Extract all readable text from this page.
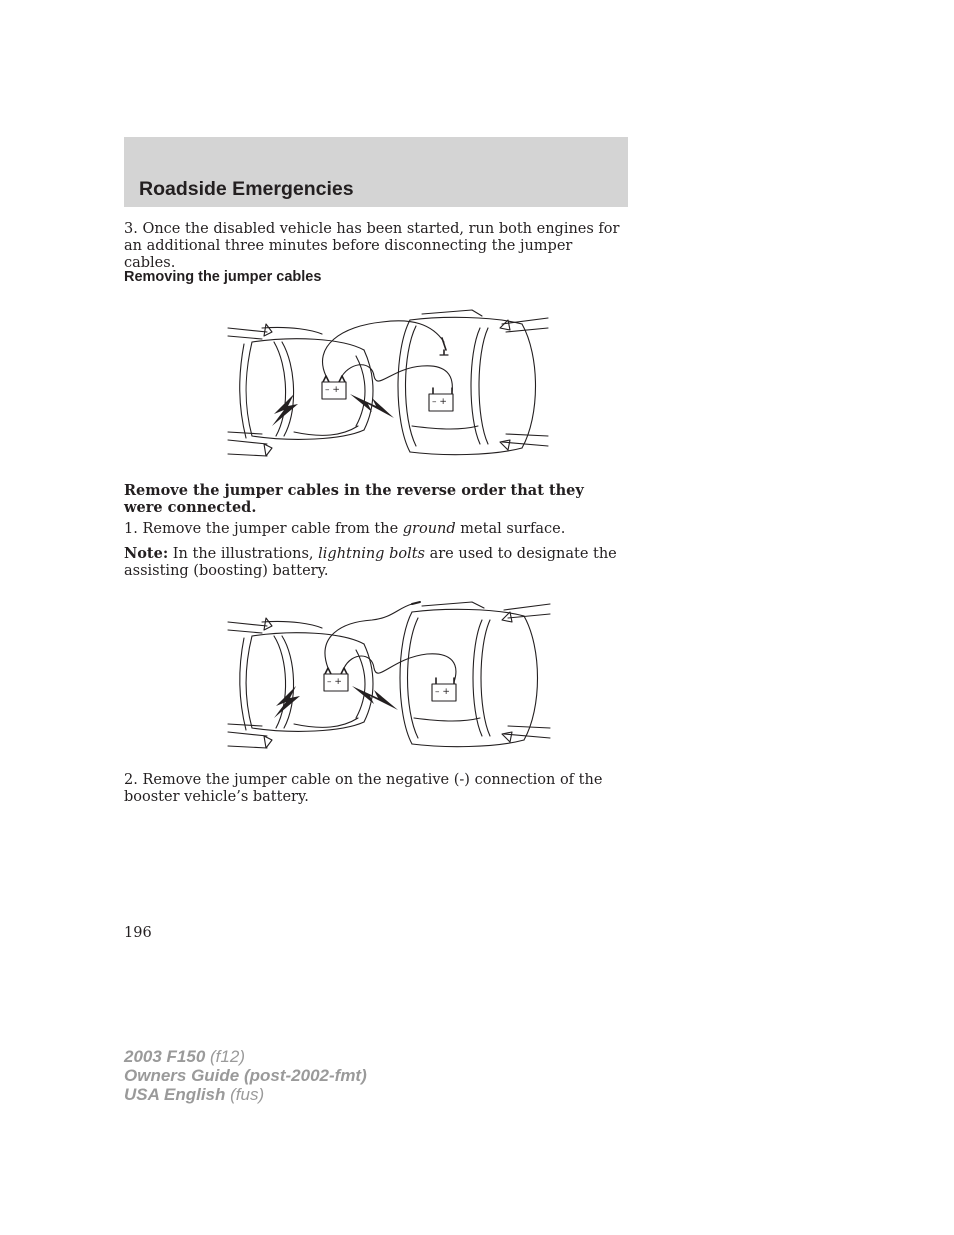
Roadside Emergencies

3. Once the disabled vehicle has been started, run both engines for an additional three minutes before disconnecting the jumper cables.

Removing the jumper cables
– +
– +

Remove the jumper cables in the reverse order that they were connected.

1. Remove the jumper cable from the ground metal surface.

Note: In the illustrations, lightning bolts are used to designate the assisting (boosting) battery.

– +
– +

2. Remove the jumper cable on the negative (-) connection of the booster vehicle’s battery.

196

2003 F150 (f12)
Owners Guide (post-2002-fmt)
USA English (fus)
